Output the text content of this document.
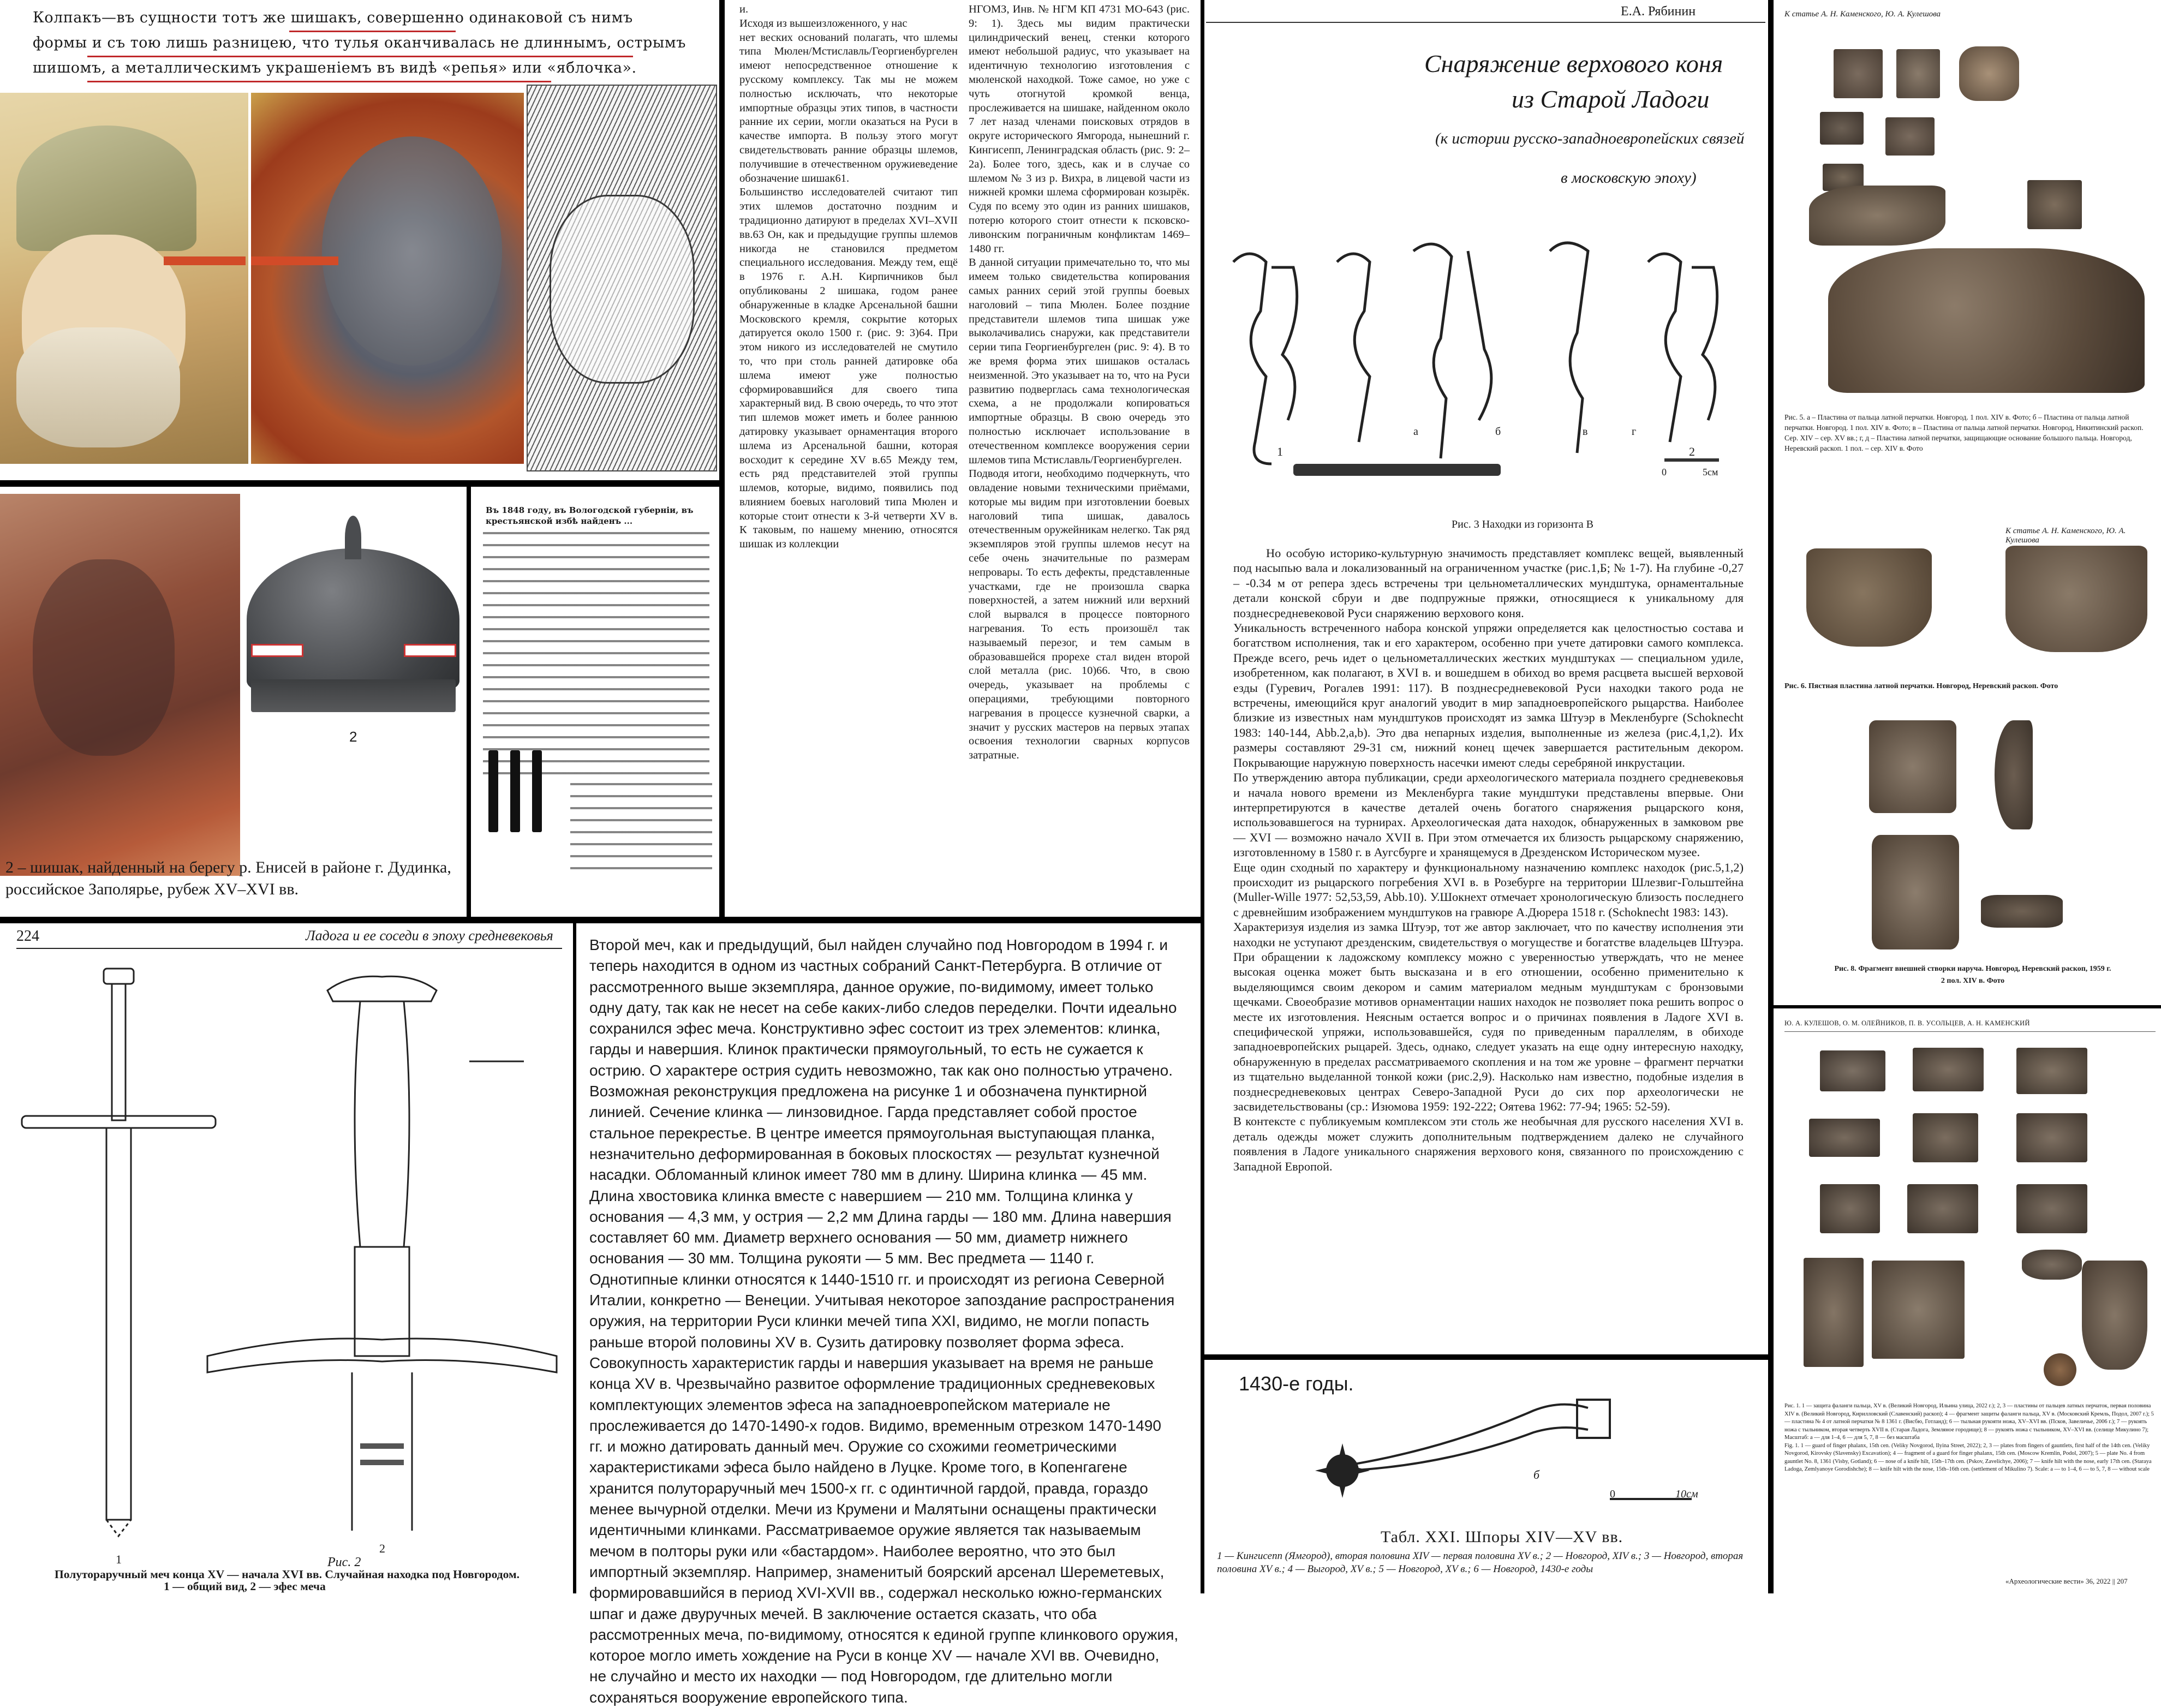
Колпакъ—въ сущности тотъ же шишакъ, совершенно одинаковой съ нимъ
формы и съ тою лишь разницею, что тулья оканчивалась не длиннымъ, острымъ
шишомъ, а металлическимъ украшеніемъ въ видѣ «репья» или «яблочка».

2

2 – шишак, найденный на берегу р. Енисей в районе г. Дудинка,
российское Заполярье, рубеж XV–XVI вв.

Въ 1848 году, въ Вологодской губерніи, въ
крестьянской избѣ найденъ ...

и.
Исходя из вышеизложенного, у нас
нет веских оснований полагать, что шлемы типа Мюлен/Мстиславль/Георгиенбургелен имеют непосредственное отношение к русскому комплексу. Так мы не можем полностью исключать, что некоторые импортные образцы этих типов, в частности ранние их серии, могли оказаться на Руси в качестве импорта. В пользу этого могут свидетельствовать ранние образцы шлемов, получившие в отечественном оружиеведение обозначение шишак61.
Большинство исследователей считают тип этих шлемов достаточно поздним и традиционно датируют в пределах XVI–XVII вв.63 Он, как и предыдущие группы шлемов никогда не становился предметом специального исследования. Между тем, ещё в 1976 г. А.Н. Кирпичников был опубликованы 2 шишака, годом ранее обнаруженные в кладке Арсенальной башни Московского кремля, сокрытие которых датируется около 1500 г. (рис. 9: 3)64. При этом никого из исследователей не смутило то, что при столь ранней датировке оба шлема имеют уже полностью сформировавшийся для своего типа характерный вид. В свою очередь, то что этот тип шлемов может иметь и более раннюю датировку указывает орнаментация второго шлема из Арсенальной башни, которая восходит к середине XV в.65 Между тем, есть ряд представителей этой группы шлемов, которые, видимо, появились под влиянием боевых наголовий типа Мюлен и которые стоит отнести к 3-й четверти XV в. К таковым, по нашему мнению, относятся шишак из коллекции

НГОМЗ, Инв. № НГМ КП 4731 МО-643 (рис. 9: 1). Здесь мы видим практически цилиндрический венец, стенки которого имеют небольшой радиус, что указывает на идентичную технологию изготовления с мюленской находкой. Тоже самое, но уже с чуть отогнутой кромкой венца, прослеживается на шишаке, найденном около 7 лет назад членами поисковых отрядов в округе исторического Ямгорода, нынешний г. Кингисепп, Ленинградская область (рис. 9: 2–2а). Более того, здесь, как и в случае со шлемом № 3 из р. Вихра, в лицевой части из нижней кромки шлема сформирован козырёк. Судя по всему это один из ранних шишаков, потерю которого стоит отнести к псковско-ливонским пограничным конфликтам 1469–1480 гг.
В данной ситуации примечательно то, что мы имеем только свидетельства копирования самых ранних серий этой группы боевых наголовий – типа Мюлен. Более поздние представители шлемов типа шишак уже выколачивались снаружи, как представители серии типа Георгиенбургелен (рис. 9: 4). В то же время форма этих шишаков осталась неизменной. Это указывает на то, что на Руси развитию подверглась сама технологическая схема, а не продолжали копироваться импортные образцы. В свою очередь это полностью исключает использование в отечественном комплексе вооружения серии шлемов типа Мстиславль/Георгиенбургелен.
Подводя итоги, необходимо подчеркнуть, что овладение новыми техническими приёмами, которые мы видим при изготовлении боевых наголовий типа шишак, давалось отечественным оружейникам нелегко. Так ряд экземпляров этой группы шлемов несут на себе очень значительные по размерам непровары. То есть дефекты, представленные участками, где не произошла сварка поверхностей, а затем нижний или верхний слой вырвался в процессе повторного нагревания. То есть произошёл так называемый перезог, и тем самым в образовавшейся прорехе стал виден второй слой металла (рис. 10)66. Что, в свою очередь, указывает на проблемы с операциями, требующими повторного нагревания в процессе кузнечной сварки, а значит у русских мастеров на первых этапах освоения технологии сварных корпусов затратные.

Е.А. Рябинин
Снаряжение верхового коня
из Старой Ладоги
(к истории русско-западноевропейских связей
в московскую эпоху)
1	2
а	б	в	г
0	5см
Рис. 3 Находки из горизонта В

Но особую историко-культурную значимость представляет комплекс вещей, выявленный под насыпью вала и локализованный на ограниченном участке (рис.1,Б; № 1-7). На глубине -0,27 – -0.34 м от репера здесь встречены три цельнометаллических мундштука, орнаментальные детали конской сбруи и две подпружные пряжки, относящиеся к уникальному для позднесредневековой Руси снаряжению верхового коня.
Уникальность встреченного набора конской упряжи определяется как целостностью состава и богатством исполнения, так и его характером, особенно при учете датировки самого комплекса. Прежде всего, речь идет о цельнометаллических жестких мундштуках — специальном удиле, изобретенном, как полагают, в XVI в. и вошедшем в обиход во время расцвета высшей верховой езды (Гуревич, Рогалев 1991: 117). В позднесредневековой Руси находки такого рода не встречены, имеющийся круг аналогий уводит в мир западноевропейского рыцарства. Наиболее близкие из известных нам мундштуков происходят из замка Штуэр в Мекленбурге (Schoknecht 1983: 140-144, Abb.2,a,b). Это два непарных изделия, выполненные из железа (рис.4,1,2). Их размеры составляют 29-31 см, нижний конец щечек завершается растительным декором. Покрывающие наружную поверхность насечки имеют следы серебряной инкрустации.
По утверждению автора публикации, среди археологического материала позднего средневековья и начала нового времени из Мекленбурга такие мундштуки представлены впервые. Они интерпретируются в качестве деталей очень богатого снаряжения рыцарского коня, использовавшегося на турнирах. Археологическая дата находок, обнаруженных в замковом рве — XVI — возможно начало XVII в. При этом отмечается их близость рыцарскому снаряжению, изготовленному в 1580 г. в Аугсбурге и хранящемуся в Дрезденском Историческом музее.
Еще один сходный по характеру и функциональному назначению комплекс находок (рис.5,1,2) происходит из рыцарского погребения XVI в. в Розебурге на территории Шлезвиг-Гольштейна (Muller-Wille 1977: 52,53,59, Abb.10). У.Шокнехт отмечает хронологическую близость последнего с древнейшим изображением мундштуков на гравюре А.Дюрера 1518 г. (Schoknecht 1983: 143).
Характеризуя изделия из замка Штуэр, тот же автор заключает, что по качеству исполнения эти находки не уступают дрезденским, свидетельствуя о могуществе и богатстве владельцев Штуэра. При обращении к ладожскому комплексу можно с уверенностью утверждать, что не менее высокая оценка может быть высказана и в его отношении, особенно применительно к выделяющимся своим декором и самим материалом медным мундштукам с бронзовыми щечками. Своеобразие мотивов орнаментации наших находок не позволяет пока решить вопрос о месте их изготовления. Неясным остается вопрос и о причинах появления в Ладоге XVI в. специфической упряжи, использовавшейся, судя по приведенным параллелям, в обиходе западноевропейских рыцарей. Здесь, однако, следует указать на еще одну интересную находку, обнаруженную в пределах рассматриваемого скопления и на том же уровне – фрагмент перчатки из тщательно выделанной тонкой кожи (рис.2,9). Насколько нам известно, подобные изделия в позднесредневековых центрах Северо-Западной Руси до сих пор археологически не засвидетельствованы (ср.: Изюмова 1959: 192-222; Оятева 1962: 77-94; 1965: 52-59).
В контексте с публикуемым комплексом эти столь же необычная для русского населения XVI в. деталь одежды может служить дополнительным подтверждением далеко не случайного появления в Ладоге уникального снаряжения верхового коня, связанного по происхождению с Западной Европой.

К статье А. Н. Каменского, Ю. А. Кулешова

Рис. 5. а – Пластина от пальца латной перчатки. Новгород. 1 пол. XIV в. Фото; б – Пластина от пальца латной перчатки. Новгород. 1 пол. XIV в. Фото; в – Пластина от пальца латной перчатки. Новгород, Никитинский раскоп. Сер. XIV – сер. XV вв.; г, д – Пластина латной перчатки, защищающие основание большого пальца. Новгород, Неревский раскоп. 1 пол. – сер. XIV в. Фото

К статье А. Н. Каменского, Ю. А. Кулешова
Рис. 6. Пястная пластина латной перчатки. Новгород, Неревский раскоп. Фото

Рис. 8. Фрагмент внешней створки наруча. Новгород, Неревский раскоп, 1959 г.
2 пол. XIV в. Фото

Ю. А. КУЛЕШОВ, О. М. ОЛЕЙНИКОВ, П. В. УСОЛЬЦЕВ, А. Н. КАМЕНСКИЙ

Рис. 1. 1 — защита фаланги пальца, XV в. (Великий Новгород, Ильина улица, 2022 г.); 2, 3 — пластины от пальцев латных перчаток, первая половина XIV в. (Великий Новгород, Кирилловский (Славенский) раскоп); 4 — фрагмент защиты фаланги пальца, XV в. (Московский Кремль, Подол, 2007 г.); 5 — пластина № 4 от латной перчатки № 8 1361 г. (Висбю, Готланд); 6 — тыльная рукояти ножа, XV–XVI вв. (Псков, Завеличье, 2006 г.); 7 — рукоять ножа с тыльником, вторая четверть XVII в. (Старая Ладога, Земляное городище); 8 — рукоять ножа с тыльником, XV–XVI вв. (селище Микулино 7); Масштаб: а — для 1–4, 6 — для 5, 7, 8 — без масштаба
Fig. 1. 1 — guard of finger phalanx, 15th cen. (Veliky Novgorod, Ilyina Street, 2022); 2, 3 — plates from fingers of gauntlets, first half of the 14th cen. (Veliky Novgorod, Kirovsky (Slavensky) Excavation); 4 — fragment of a guard for finger phalanx, 15th cen. (Moscow Kremlin, Podol, 2007); 5 — plate No. 4 from gauntlet No. 8, 1361 (Visby, Gotland); 6 — nose of a knife hilt, 15th–17th cen. (Pskov, Zavelichye, 2006); 7 — knife hilt with the nose, early 17th cen. (Staraya Ladoga, Zemlyanoye Gorodishche); 8 — knife hilt with the nose, 15th–16th cen. (settlement of Mikulino 7). Scale: a — to 1–4, 6 — to 5, 7, 8 — without scale

«Археологические вести» 36, 2022 || 207
224	Ладога и ее соседи в эпоху средневековья
1
2
Рис. 2
Полуторaручный меч конца XV — начала XVI вв. Случайная находка под Новгородом.
1 — общий вид, 2 — эфес меча

Второй меч, как и предыдущий, был найден случайно под Новгородом в 1994 г. и теперь находится в одном из частных собраний Санкт-Петербурга. В отличие от рассмотренного выше экземпляра, данное оружие, по-видимому, имеет только одну дату, так как не несет на себе каких-либо следов переделки. Почти идеально сохранился эфес меча. Конструктивно эфес состоит из трех элементов: клинка, гарды и навершия. Клинок практически прямоугольный, то есть не сужается к острию. О характере острия судить невозможно, так как оно полностью утрачено. Возможная реконструкция предложена на рисунке 1 и обозначена пунктирной линией. Сечение клинка — линзовидное. Гарда представляет собой простое стальное перекрестье. В центре имеется прямоугольная выступающая планка, незначительно деформированная в боковых плоскостях — результат кузнечной насадки. Обломанный клинок имеет 780 мм в длину. Ширина клинка — 45 мм. Длина хвостовика клинка вместе с навершием — 210 мм. Толщина клинка у основания — 4,3 мм, у острия — 2,2 мм Длина гарды — 180 мм. Длина навершия составляет 60 мм. Диаметр верхнего основания — 50 мм, диаметр нижнего основания — 30 мм. Толщина рукояти — 5 мм. Вес предмета — 1140 г. Однотипные клинки относятся к 1440-1510 гг. и происходят из региона Северной Италии, конкретно — Венеции. Учитывая некоторое запоздание распространения оружия, на территории Руси клинки мечей типа XXI, видимо, не могли попасть раньше второй половины XV в. Сузить датировку позволяет форма эфеса. Совокупность характеристик гарды и навершия указывает на время не раньше конца XV в. Чрезвычайно развитое оформление традиционных средневековых комплектующих элементов эфеса на западноевропейском материале не прослеживается до 1470-1490-х годов. Видимо, временным отрезком 1470-1490 гг. и можно датировать данный меч. Оружие со схожими геометрическими характеристиками эфеса было найдено в Луцке. Кроме того, в Копенгагене хранится полуторaручный меч 1500-х гг. с одинтичной гардой, правда, гораздо менее вычурной отделки. Мечи из Крумени и Малятыни оснащены практически идентичными клинками. Рассматриваемое оружие является так называемым мечом в полторы руки или «бастардом». Наиболее вероятно, что это был импортный экземпляр. Например, знаменитый боярский арсенал Шереметевых, формировавшийся в период XVI-XVII вв., содержал несколько южно-германских шпаг и даже двуручных мечей. В заключение остается сказать, что оба рассмотренных меча, по-видимому, относятся к единой группе клинкового оружия, которое могло иметь хождение на Руси в конце XV — начале XVI вв. Очевидно, не случайно и место их находки — под Новгородом, где длительно могли сохраняться вооружение европейского типа.

1430-е годы.
б
0	10см
Табл. XXI. Шпоры XIV—XV вв.

1 — Кингисепп (Ямгород), вторая половина XIV — первая половина XV в.; 2 — Новгород, XIV в.; 3 — Новгород, вторая половина XV в.; 4 — Выгород, XV в.; 5 — Новгород, XV в.; 6 — Новгород, 1430-е годы
